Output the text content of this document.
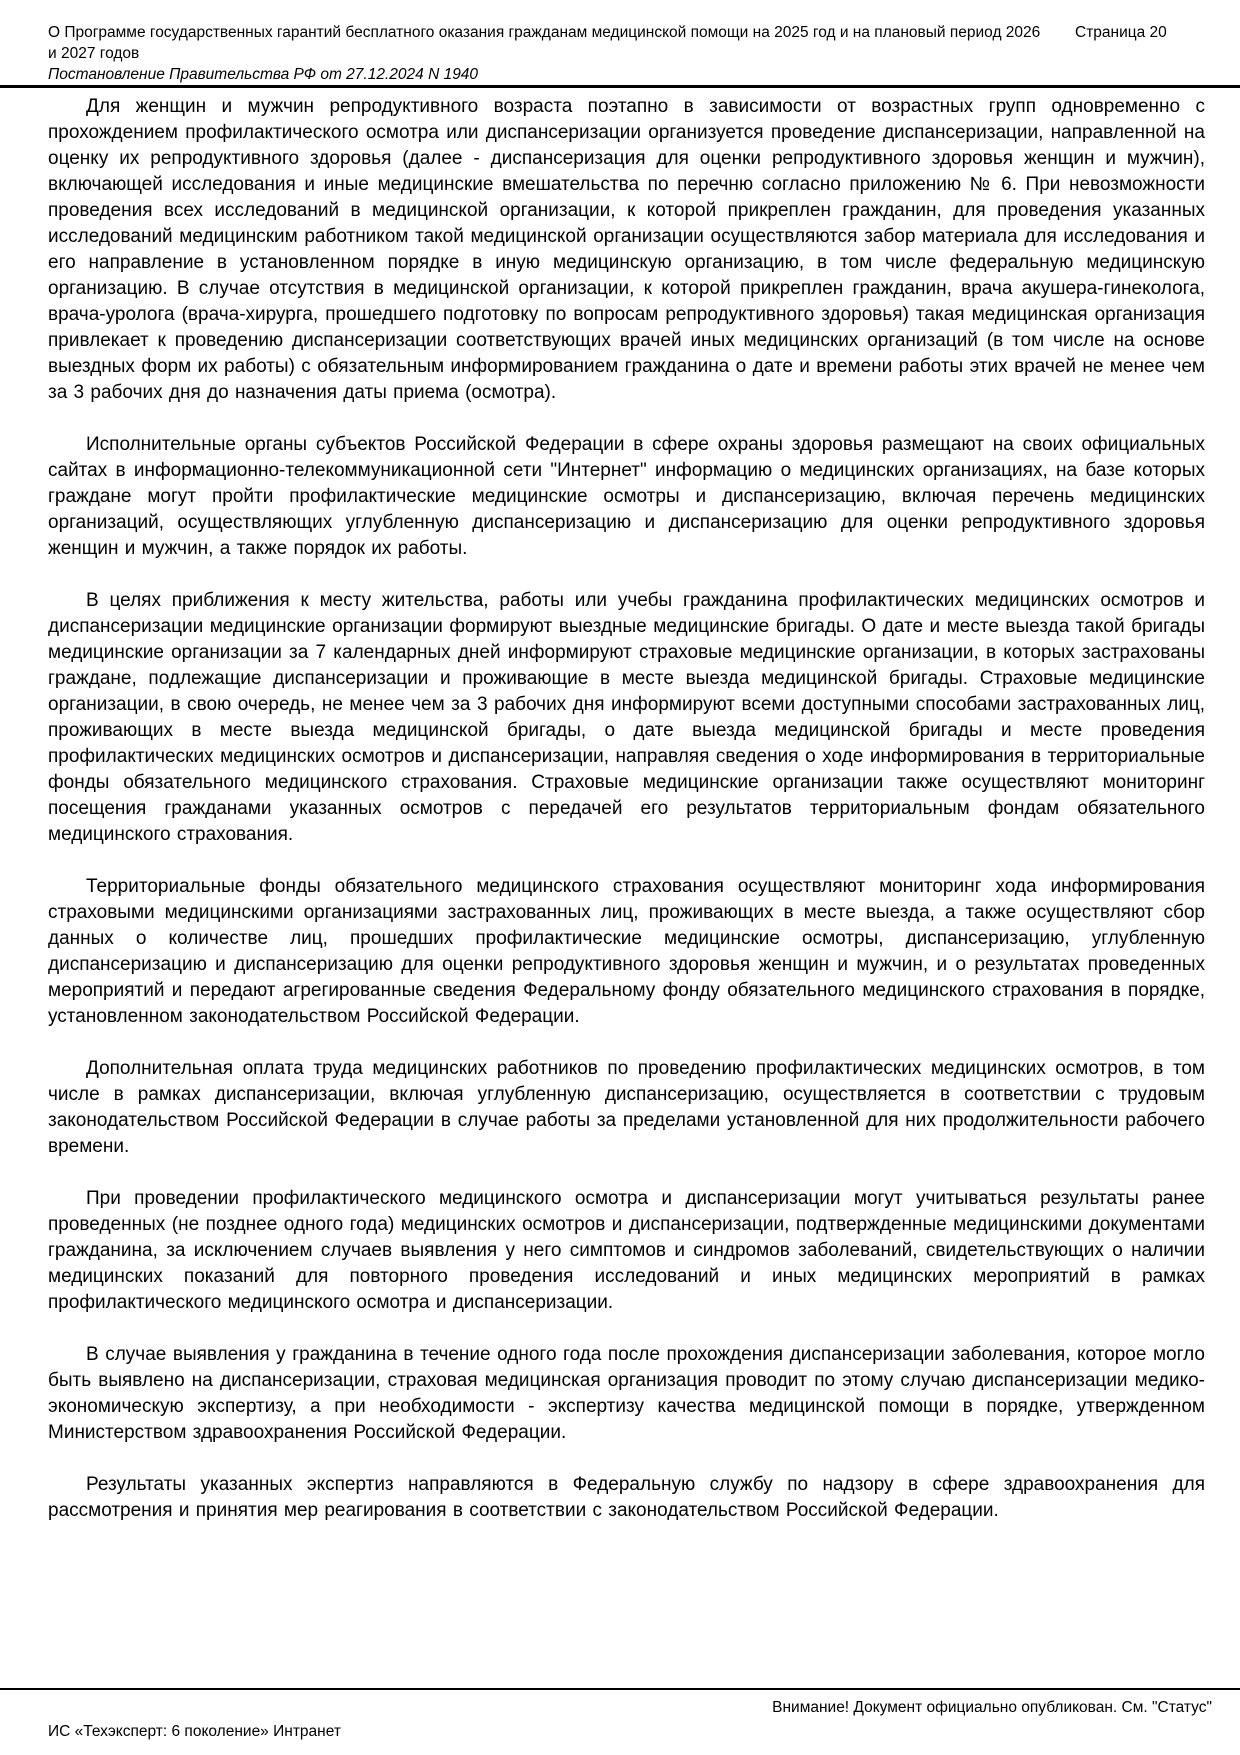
О Программе государственных гарантий бесплатного оказания гражданам медицинской помощи на 2025 год и на плановый период 2026 и 2027 годов
Постановление Правительства РФ от 27.12.2024 N 1940
Страница 20

Для женщин и мужчин репродуктивного возраста поэтапно в зависимости от возрастных групп одновременно с прохождением профилактического осмотра или диспансеризации организуется проведение диспансеризации, направленной на оценку их репродуктивного здоровья (далее - диспансеризация для оценки репродуктивного здоровья женщин и мужчин), включающей исследования и иные медицинские вмешательства по перечню согласно приложению № 6. При невозможности проведения всех исследований в медицинской организации, к которой прикреплен гражданин, для проведения указанных исследований медицинским работником такой медицинской организации осуществляются забор материала для исследования и его направление в установленном порядке в иную медицинскую организацию, в том числе федеральную медицинскую организацию. В случае отсутствия в медицинской организации, к которой прикреплен гражданин, врача акушера-гинеколога, врача-уролога (врача-хирурга, прошедшего подготовку по вопросам репродуктивного здоровья) такая медицинская организация привлекает к проведению диспансеризации соответствующих врачей иных медицинских организаций (в том числе на основе выездных форм их работы) с обязательным информированием гражданина о дате и времени работы этих врачей не менее чем за 3 рабочих дня до назначения даты приема (осмотра).

Исполнительные органы субъектов Российской Федерации в сфере охраны здоровья размещают на своих официальных сайтах в информационно-телекоммуникационной сети "Интернет" информацию о медицинских организациях, на базе которых граждане могут пройти профилактические медицинские осмотры и диспансеризацию, включая перечень медицинских организаций, осуществляющих углубленную диспансеризацию и диспансеризацию для оценки репродуктивного здоровья женщин и мужчин, а также порядок их работы.

В целях приближения к месту жительства, работы или учебы гражданина профилактических медицинских осмотров и диспансеризации медицинские организации формируют выездные медицинские бригады. О дате и месте выезда такой бригады медицинские организации за 7 календарных дней информируют страховые медицинские организации, в которых застрахованы граждане, подлежащие диспансеризации и проживающие в месте выезда медицинской бригады. Страховые медицинские организации, в свою очередь, не менее чем за 3 рабочих дня информируют всеми доступными способами застрахованных лиц, проживающих в месте выезда медицинской бригады, о дате выезда медицинской бригады и месте проведения профилактических медицинских осмотров и диспансеризации, направляя сведения о ходе информирования в территориальные фонды обязательного медицинского страхования. Страховые медицинские организации также осуществляют мониторинг посещения гражданами указанных осмотров с передачей его результатов территориальным фондам обязательного медицинского страхования.

Территориальные фонды обязательного медицинского страхования осуществляют мониторинг хода информирования страховыми медицинскими организациями застрахованных лиц, проживающих в месте выезда, а также осуществляют сбор данных о количестве лиц, прошедших профилактические медицинские осмотры, диспансеризацию, углубленную диспансеризацию и диспансеризацию для оценки репродуктивного здоровья женщин и мужчин, и о результатах проведенных мероприятий и передают агрегированные сведения Федеральному фонду обязательного медицинского страхования в порядке, установленном законодательством Российской Федерации.

Дополнительная оплата труда медицинских работников по проведению профилактических медицинских осмотров, в том числе в рамках диспансеризации, включая углубленную диспансеризацию, осуществляется в соответствии с трудовым законодательством Российской Федерации в случае работы за пределами установленной для них продолжительности рабочего времени.

При проведении профилактического медицинского осмотра и диспансеризации могут учитываться результаты ранее проведенных (не позднее одного года) медицинских осмотров и диспансеризации, подтвержденные медицинскими документами гражданина, за исключением случаев выявления у него симптомов и синдромов заболеваний, свидетельствующих о наличии медицинских показаний для повторного проведения исследований и иных медицинских мероприятий в рамках профилактического медицинского осмотра и диспансеризации.

В случае выявления у гражданина в течение одного года после прохождения диспансеризации заболевания, которое могло быть выявлено на диспансеризации, страховая медицинская организация проводит по этому случаю диспансеризации медико-экономическую экспертизу, а при необходимости - экспертизу качества медицинской помощи в порядке, утвержденном Министерством здравоохранения Российской Федерации.

Результаты указанных экспертиз направляются в Федеральную службу по надзору в сфере здравоохранения для рассмотрения и принятия мер реагирования в соответствии с законодательством Российской Федерации.

Внимание! Документ официально опубликован. См. "Статус"
ИС «Техэксперт: 6 поколение» Интранет
